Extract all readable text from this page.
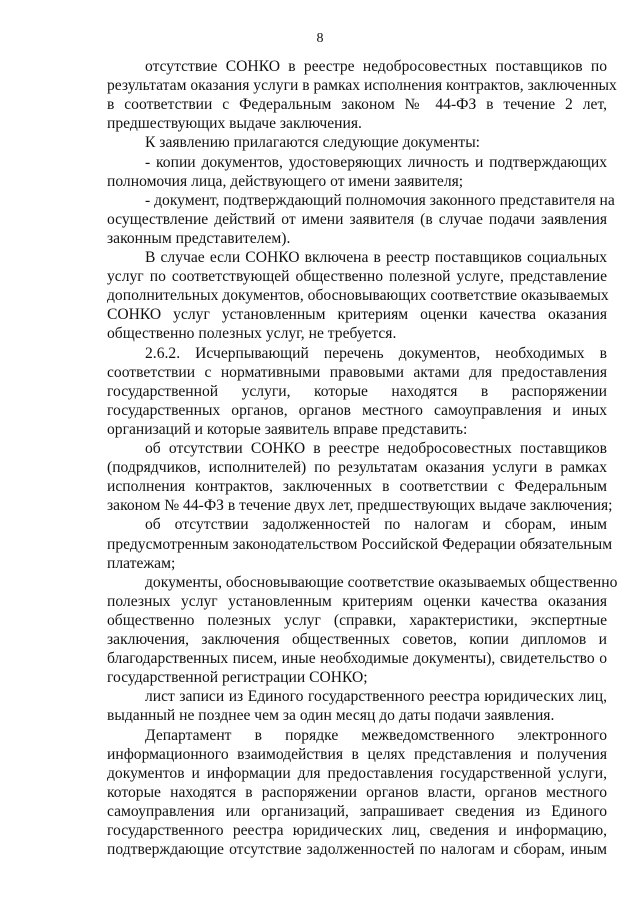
8
отсутствие СОНКО в реестре недобросовестных поставщиков по
результатам оказания услуги в рамках исполнения контрактов, заключенных
в соответствии с Федеральным законом № 44-ФЗ в течение 2 лет,
предшествующих выдаче заключения.
К заявлению прилагаются следующие документы:
- копии документов, удостоверяющих личность и подтверждающих
полномочия лица, действующего от имени заявителя;
- документ, подтверждающий полномочия законного представителя на
осуществление действий от имени заявителя (в случае подачи заявления
законным представителем).
В случае если СОНКО включена в реестр поставщиков социальных
услуг по соответствующей общественно полезной услуге, представление
дополнительных документов, обосновывающих соответствие оказываемых
СОНКО услуг установленным критериям оценки качества оказания
общественно полезных услуг, не требуется.
2.6.2. Исчерпывающий перечень документов, необходимых в
соответствии с нормативными правовыми актами для предоставления
государственной услуги, которые находятся в распоряжении
государственных органов, органов местного самоуправления и иных
организаций и которые заявитель вправе представить:
об отсутствии СОНКО в реестре недобросовестных поставщиков
(подрядчиков, исполнителей) по результатам оказания услуги в рамках
исполнения контрактов, заключенных в соответствии с Федеральным
законом № 44-ФЗ в течение двух лет, предшествующих выдаче заключения;
об отсутствии задолженностей по налогам и сборам, иным
предусмотренным законодательством Российской Федерации обязательным
платежам;
документы, обосновывающие соответствие оказываемых общественно
полезных услуг установленным критериям оценки качества оказания
общественно полезных услуг (справки, характеристики, экспертные
заключения, заключения общественных советов, копии дипломов и
благодарственных писем, иные необходимые документы), свидетельство о
государственной регистрации СОНКО;
лист записи из Единого государственного реестра юридических лиц,
выданный не позднее чем за один месяц до даты подачи заявления.
Департамент в порядке межведомственного электронного
информационного взаимодействия в целях представления и получения
документов и информации для предоставления государственной услуги,
которые находятся в распоряжении органов власти, органов местного
самоуправления или организаций, запрашивает сведения из Единого
государственного реестра юридических лиц, сведения и информацию,
подтверждающие отсутствие задолженностей по налогам и сборам, иным
